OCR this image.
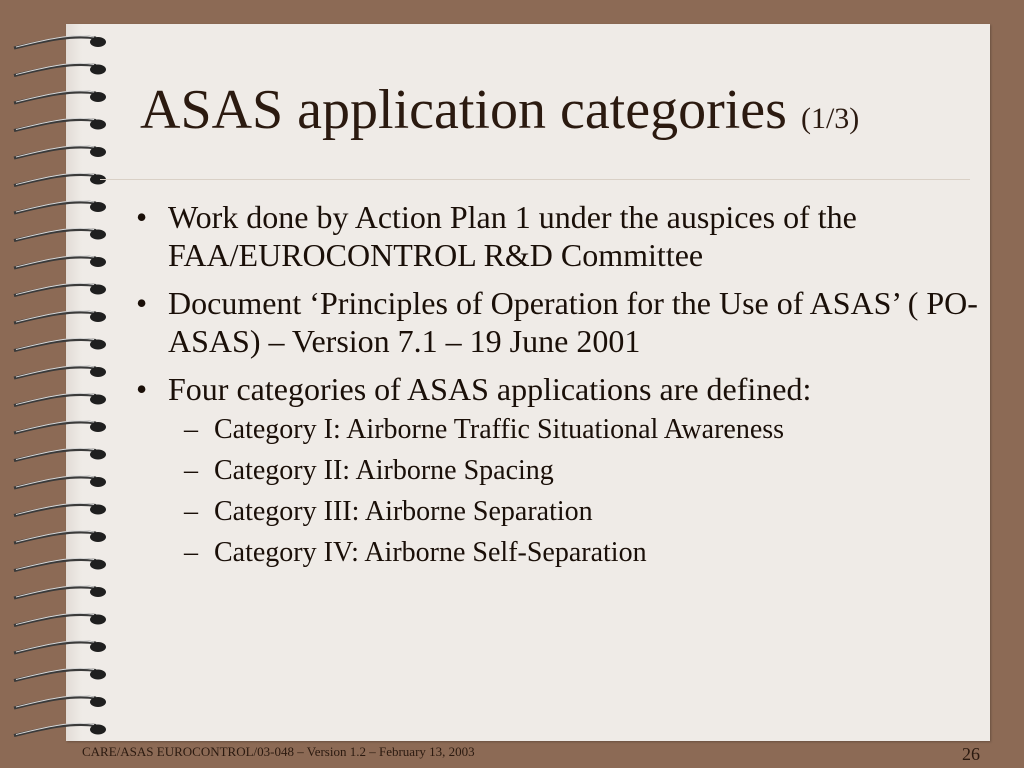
ASAS application categories (1/3)
• Work done by Action Plan 1 under the auspices of the FAA/EUROCONTROL R&D Committee
• Document ‘Principles of Operation for the Use of ASAS’ ( PO-ASAS) – Version 7.1 – 19 June 2001
• Four categories of ASAS applications are defined:
– Category I: Airborne Traffic Situational Awareness
– Category II: Airborne Spacing
– Category III: Airborne Separation
– Category IV: Airborne Self-Separation
CARE/ASAS EUROCONTROL/03-048 – Version 1.2 – February 13, 2003	26
